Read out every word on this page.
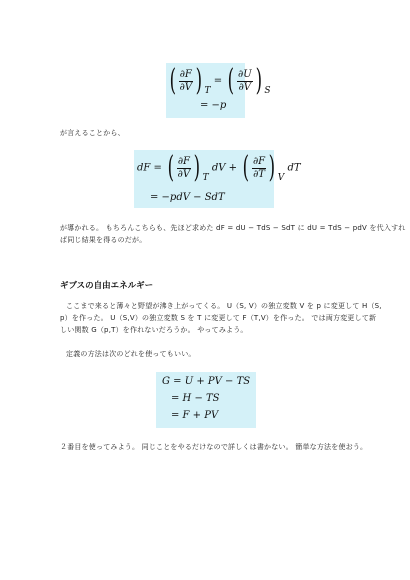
( $\frac{\partial F}{\partial V}$ ) T = ( $\frac{\partial U}{\partial V}$ ) S
= −p
が言えることから、
dF = ( $\frac{\partial F}{\partial V}$ ) T dV + ( $\frac{\partial F}{\partial T}$ ) V dT
= −pdV − SdT
が導かれる。 もちろんこちらも、先ほど求めた dF = dU − TdS − SdT に dU = TdS − pdV を代入すれ
ば同じ結果を得るのだが。
ギブスの自由エネルギー
ここまで来ると薄々と野望が沸き上がってくる。 U（S, V）の独立変数 V を p に変更して H（S,
p）を作った。 U（S,V）の独立変数 S を T に変更して F（T,V）を作った。 では両方変更して新
しい関数 G（p,T）を作れないだろうか。 やってみよう。
定義の方法は次のどれを使ってもいい。
G = U + PV − TS
= H − TS
= F + PV
２番目を使ってみよう。 同じことをやるだけなので詳しくは書かない。 簡単な方法を使おう。
